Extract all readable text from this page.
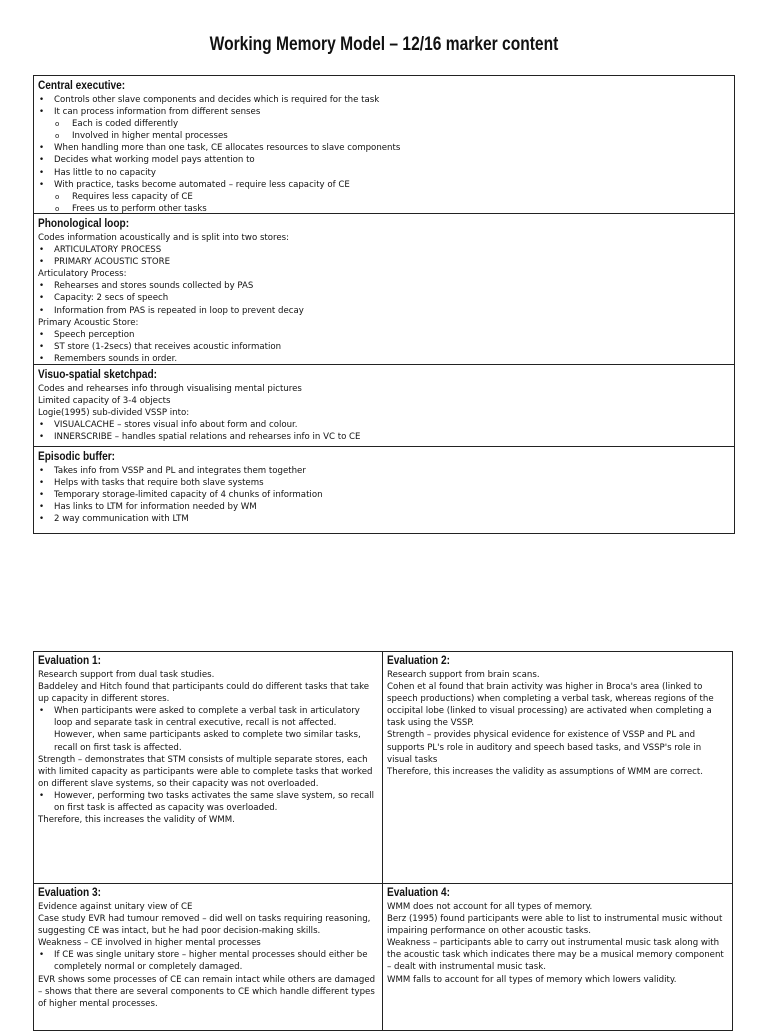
Working Memory Model – 12/16 marker content
Central executive:
• Controls other slave components and decides which is required for the task
• It can process information from different senses
o Each is coded differently
o Involved in higher mental processes
• When handling more than one task, CE allocates resources to slave components
• Decides what working model pays attention to
• Has little to no capacity
• With practice, tasks become automated – require less capacity of CE
o Requires less capacity of CE
o Frees us to perform other tasks
Phonological loop:
Codes information acoustically and is split into two stores:
• ARTICULATORY PROCESS
• PRIMARY ACOUSTIC STORE
Articulatory Process:
• Rehearses and stores sounds collected by PAS
• Capacity: 2 secs of speech
• Information from PAS is repeated in loop to prevent decay
Primary Acoustic Store:
• Speech perception
• ST store (1-2secs) that receives acoustic information
• Remembers sounds in order.
Visuo-spatial sketchpad:
Codes and rehearses info through visualising mental pictures
Limited capacity of 3-4 objects
Logie(1995) sub-divided VSSP into:
• VISUALCACHE – stores visual info about form and colour.
• INNERSCRIBE – handles spatial relations and rehearses info in VC to CE
Episodic buffer:
• Takes info from VSSP and PL and integrates them together
• Helps with tasks that require both slave systems
• Temporary storage-limited capacity of 4 chunks of information
• Has links to LTM for information needed by WM
• 2 way communication with LTM
Evaluation 1:
Research support from dual task studies.
Baddeley and Hitch found that participants could do different tasks that take up capacity in different stores.
• When participants were asked to complete a verbal task in articulatory loop and separate task in central executive, recall is not affected. However, when same participants asked to complete two similar tasks, recall on first task is affected.
Strength – demonstrates that STM consists of multiple separate stores, each with limited capacity as participants were able to complete tasks that worked on different slave systems, so their capacity was not overloaded.
• However, performing two tasks activates the same slave system, so recall on first task is affected as capacity was overloaded.
Therefore, this increases the validity of WMM.
Evaluation 2:
Research support from brain scans.
Cohen et al found that brain activity was higher in Broca's area (linked to speech productions) when completing a verbal task, whereas regions of the occipital lobe (linked to visual processing) are activated when completing a task using the VSSP.
Strength – provides physical evidence for existence of VSSP and PL and supports PL's role in auditory and speech based tasks, and VSSP's role in visual tasks
Therefore, this increases the validity as assumptions of WMM are correct.
Evaluation 3:
Evidence against unitary view of CE
Case study EVR had tumour removed – did well on tasks requiring reasoning, suggesting CE was intact, but he had poor decision-making skills.
Weakness – CE involved in higher mental processes
• If CE was single unitary store – higher mental processes should either be completely normal or completely damaged.
EVR shows some processes of CE can remain intact while others are damaged – shows that there are several components to CE which handle different types of higher mental processes.
Evaluation 4:
WMM does not account for all types of memory.
Berz (1995) found participants were able to list to instrumental music without impairing performance on other acoustic tasks.
Weakness – participants able to carry out instrumental music task along with the acoustic task which indicates there may be a musical memory component – dealt with instrumental music task.
WMM falls to account for all types of memory which lowers validity.
